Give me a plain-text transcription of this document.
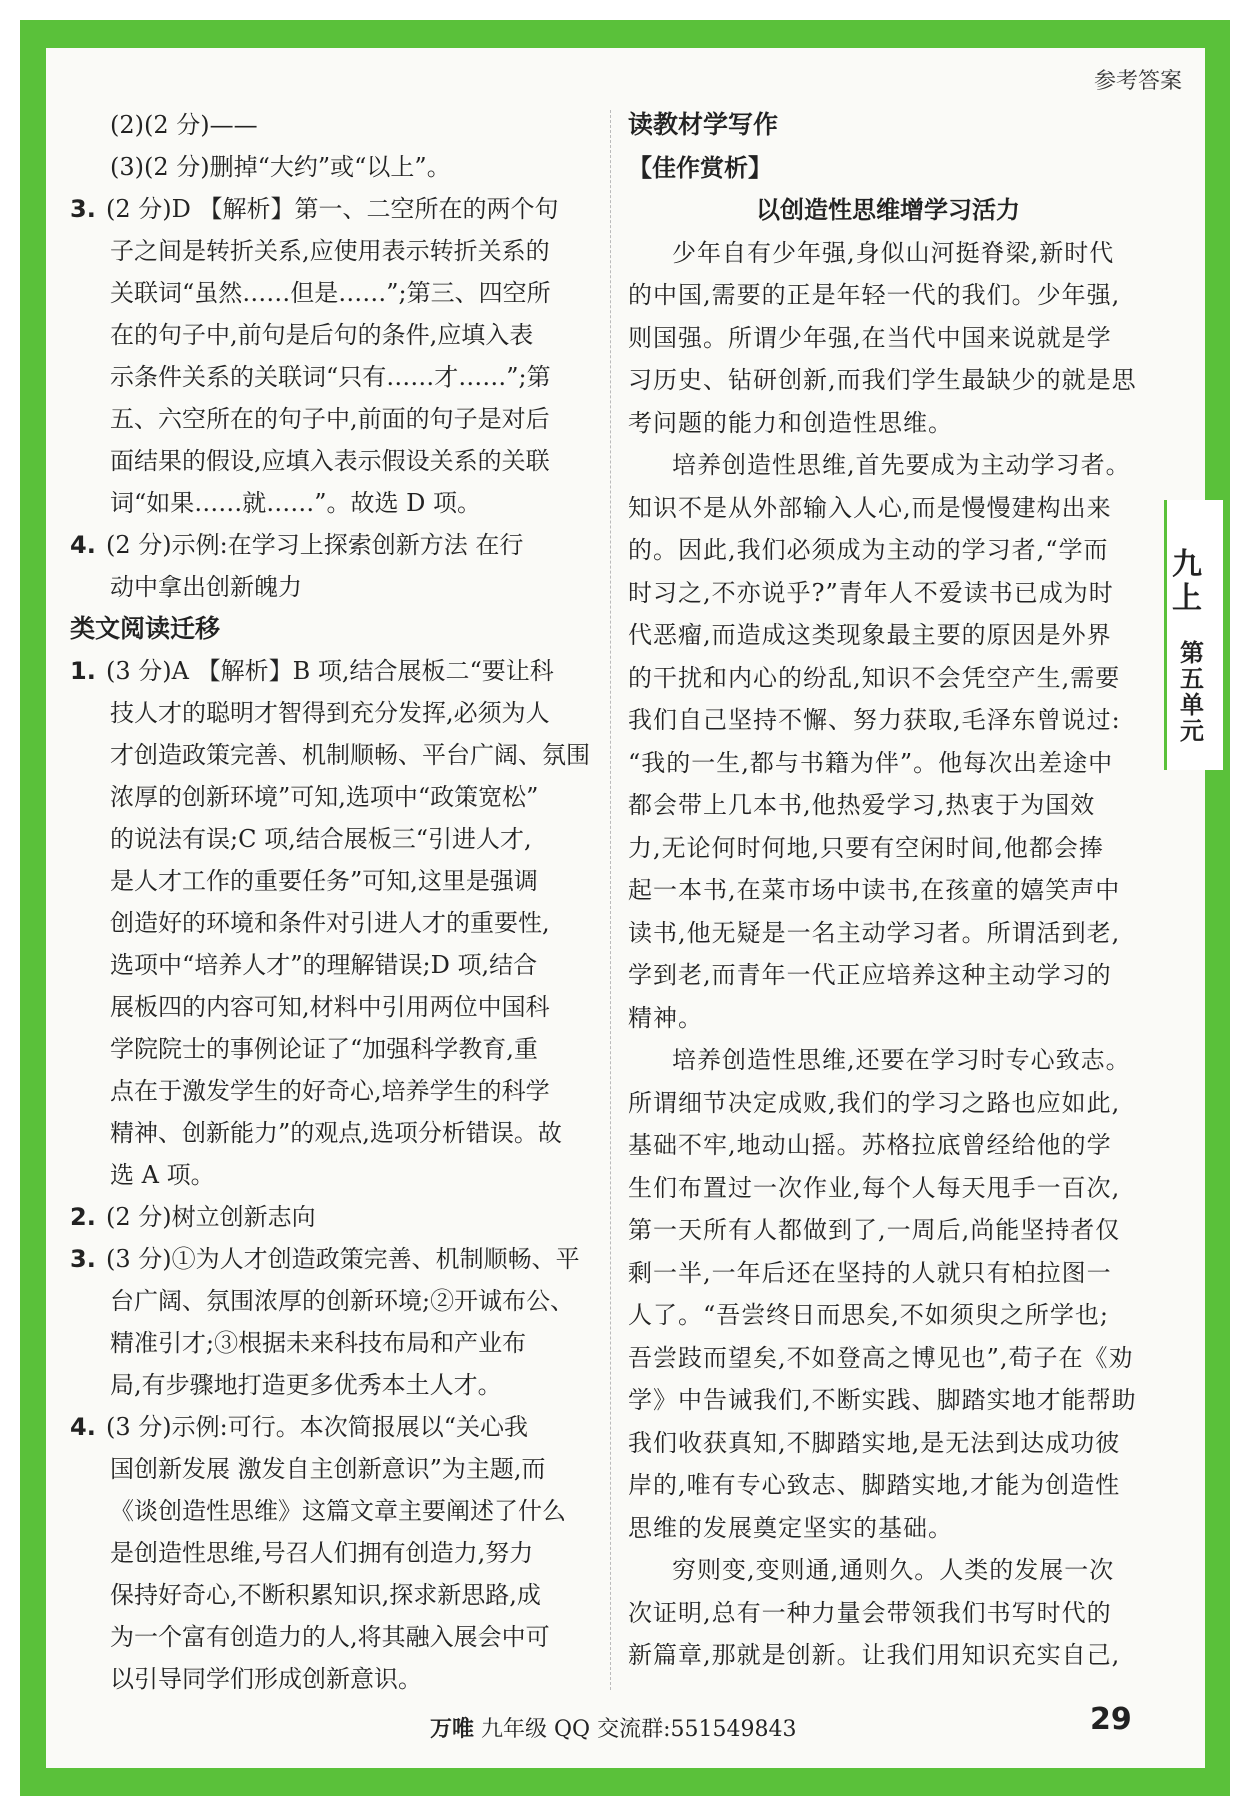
参考答案
九上
第五单元
(2)(2 分)——
(3)(2 分)删掉“大约”或“以上”。
3. (2 分)D 【解析】第一、二空所在的两个句
子之间是转折关系,应使用表示转折关系的
关联词“虽然……但是……”;第三、四空所
在的句子中,前句是后句的条件,应填入表
示条件关系的关联词“只有……才……”;第
五、六空所在的句子中,前面的句子是对后
面结果的假设,应填入表示假设关系的关联
词“如果……就……”。故选 D 项。
4. (2 分)示例:在学习上探索创新方法 在行
动中拿出创新魄力
类文阅读迁移
1. (3 分)A 【解析】B 项,结合展板二“要让科
技人才的聪明才智得到充分发挥,必须为人
才创造政策完善、机制顺畅、平台广阔、氛围
浓厚的创新环境”可知,选项中“政策宽松”
的说法有误;C 项,结合展板三“引进人才,
是人才工作的重要任务”可知,这里是强调
创造好的环境和条件对引进人才的重要性,
选项中“培养人才”的理解错误;D 项,结合
展板四的内容可知,材料中引用两位中国科
学院院士的事例论证了“加强科学教育,重
点在于激发学生的好奇心,培养学生的科学
精神、创新能力”的观点,选项分析错误。故
选 A 项。
2. (2 分)树立创新志向
3. (3 分)①为人才创造政策完善、机制顺畅、平
台广阔、氛围浓厚的创新环境;②开诚布公、
精准引才;③根据未来科技布局和产业布
局,有步骤地打造更多优秀本土人才。
4. (3 分)示例:可行。本次简报展以“关心我
国创新发展 激发自主创新意识”为主题,而
《谈创造性思维》这篇文章主要阐述了什么
是创造性思维,号召人们拥有创造力,努力
保持好奇心,不断积累知识,探求新思路,成
为一个富有创造力的人,将其融入展会中可
以引导同学们形成创新意识。
读教材学写作
【佳作赏析】
以创造性思维增学习活力
少年自有少年强,身似山河挺脊梁,新时代
的中国,需要的正是年轻一代的我们。少年强,
则国强。所谓少年强,在当代中国来说就是学
习历史、钻研创新,而我们学生最缺少的就是思
考问题的能力和创造性思维。
培养创造性思维,首先要成为主动学习者。
知识不是从外部输入人心,而是慢慢建构出来
的。因此,我们必须成为主动的学习者,“学而
时习之,不亦说乎?”青年人不爱读书已成为时
代恶瘤,而造成这类现象最主要的原因是外界
的干扰和内心的纷乱,知识不会凭空产生,需要
我们自己坚持不懈、努力获取,毛泽东曾说过:
“我的一生,都与书籍为伴”。他每次出差途中
都会带上几本书,他热爱学习,热衷于为国效
力,无论何时何地,只要有空闲时间,他都会捧
起一本书,在菜市场中读书,在孩童的嬉笑声中
读书,他无疑是一名主动学习者。所谓活到老,
学到老,而青年一代正应培养这种主动学习的
精神。
培养创造性思维,还要在学习时专心致志。
所谓细节决定成败,我们的学习之路也应如此,
基础不牢,地动山摇。苏格拉底曾经给他的学
生们布置过一次作业,每个人每天甩手一百次,
第一天所有人都做到了,一周后,尚能坚持者仅
剩一半,一年后还在坚持的人就只有柏拉图一
人了。“吾尝终日而思矣,不如须臾之所学也;
吾尝跂而望矣,不如登高之博见也”,荀子在《劝
学》中告诫我们,不断实践、脚踏实地才能帮助
我们收获真知,不脚踏实地,是无法到达成功彼
岸的,唯有专心致志、脚踏实地,才能为创造性
思维的发展奠定坚实的基础。
穷则变,变则通,通则久。人类的发展一次
次证明,总有一种力量会带领我们书写时代的
新篇章,那就是创新。让我们用知识充实自己,
万唯 九年级 QQ 交流群:551549843	29
